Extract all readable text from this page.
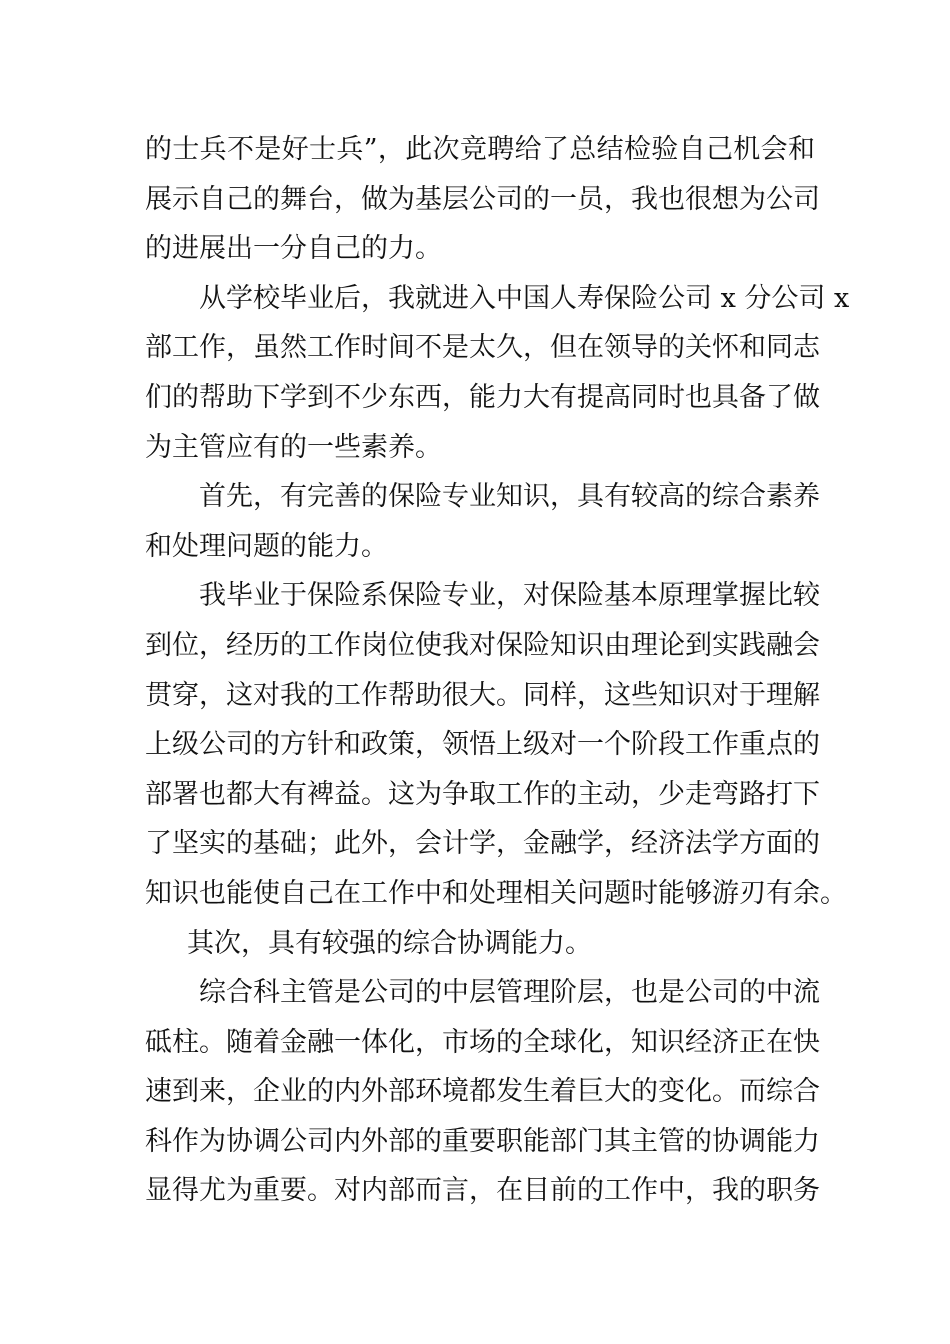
的士兵不是好士兵”，此次竞聘给了总结检验自己机会和
展示自己的舞台，做为基层公司的一员，我也很想为公司
的进展出一分自己的力。
从学校毕业后，我就进入中国人寿保险公司 x 分公司 x
部工作，虽然工作时间不是太久，但在领导的关怀和同志
们的帮助下学到不少东西，能力大有提高同时也具备了做
为主管应有的一些素养。
首先，有完善的保险专业知识，具有较高的综合素养
和处理问题的能力。
我毕业于保险系保险专业，对保险基本原理掌握比较
到位，经历的工作岗位使我对保险知识由理论到实践融会
贯穿，这对我的工作帮助很大。同样，这些知识对于理解
上级公司的方针和政策，领悟上级对一个阶段工作重点的
部署也都大有裨益。这为争取工作的主动，少走弯路打下
了坚实的基础；此外，会计学，金融学，经济法学方面的
知识也能使自己在工作中和处理相关问题时能够游刃有余。
其次，具有较强的综合协调能力。
综合科主管是公司的中层管理阶层，也是公司的中流
砥柱。随着金融一体化，市场的全球化，知识经济正在快
速到来，企业的内外部环境都发生着巨大的变化。而综合
科作为协调公司内外部的重要职能部门其主管的协调能力
显得尤为重要。对内部而言，在目前的工作中，我的职务
